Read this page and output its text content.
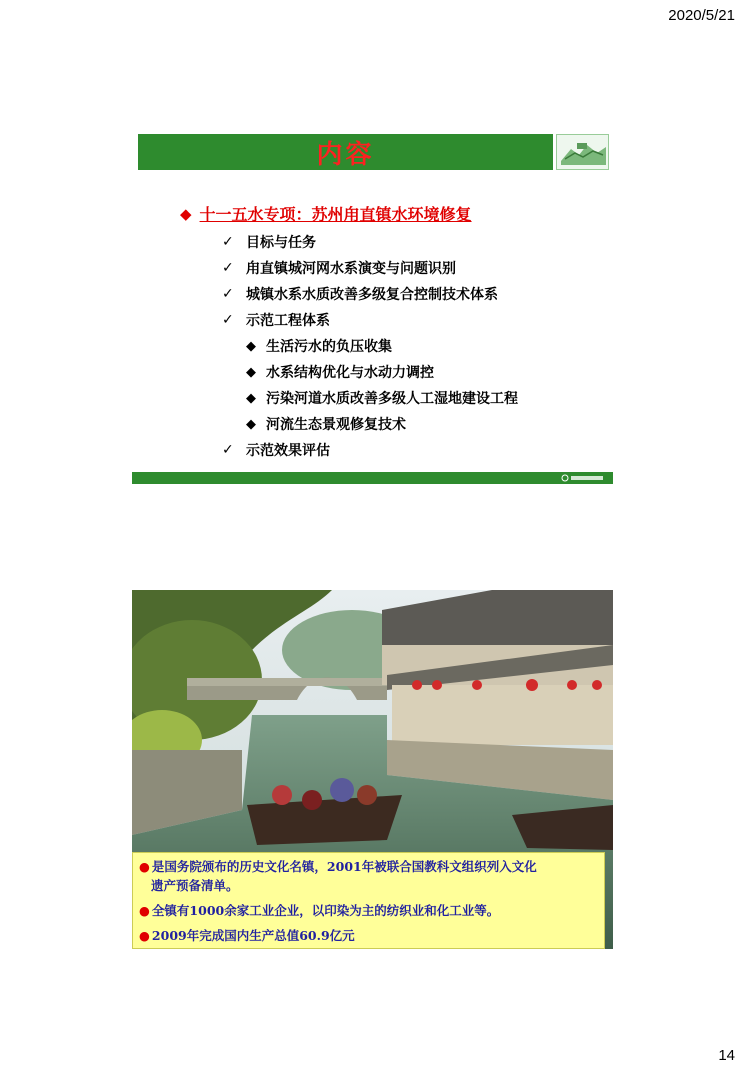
2020/5/21
内容
◆ 十一五水专项：苏州甪直镇水环境修复
✓ 目标与任务
✓ 甪直镇城河网水系演变与问题识别
✓ 城镇水系水质改善多级复合控制技术体系
✓ 示范工程体系
◆ 生活污水的负压收集
◆ 水系结构优化与水动力调控
◆ 污染河道水质改善多级人工湿地建设工程
◆ 河流生态景观修复技术
✓ 示范效果评估
● 是国务院颁布的历史文化名镇，2001年被联合国教科文组织列入文化
遗产预备清单。
● 全镇有1000余家工业企业，以印染为主的纺织业和化工业等。
● 2009年完成国内生产总值60.9亿元
14
